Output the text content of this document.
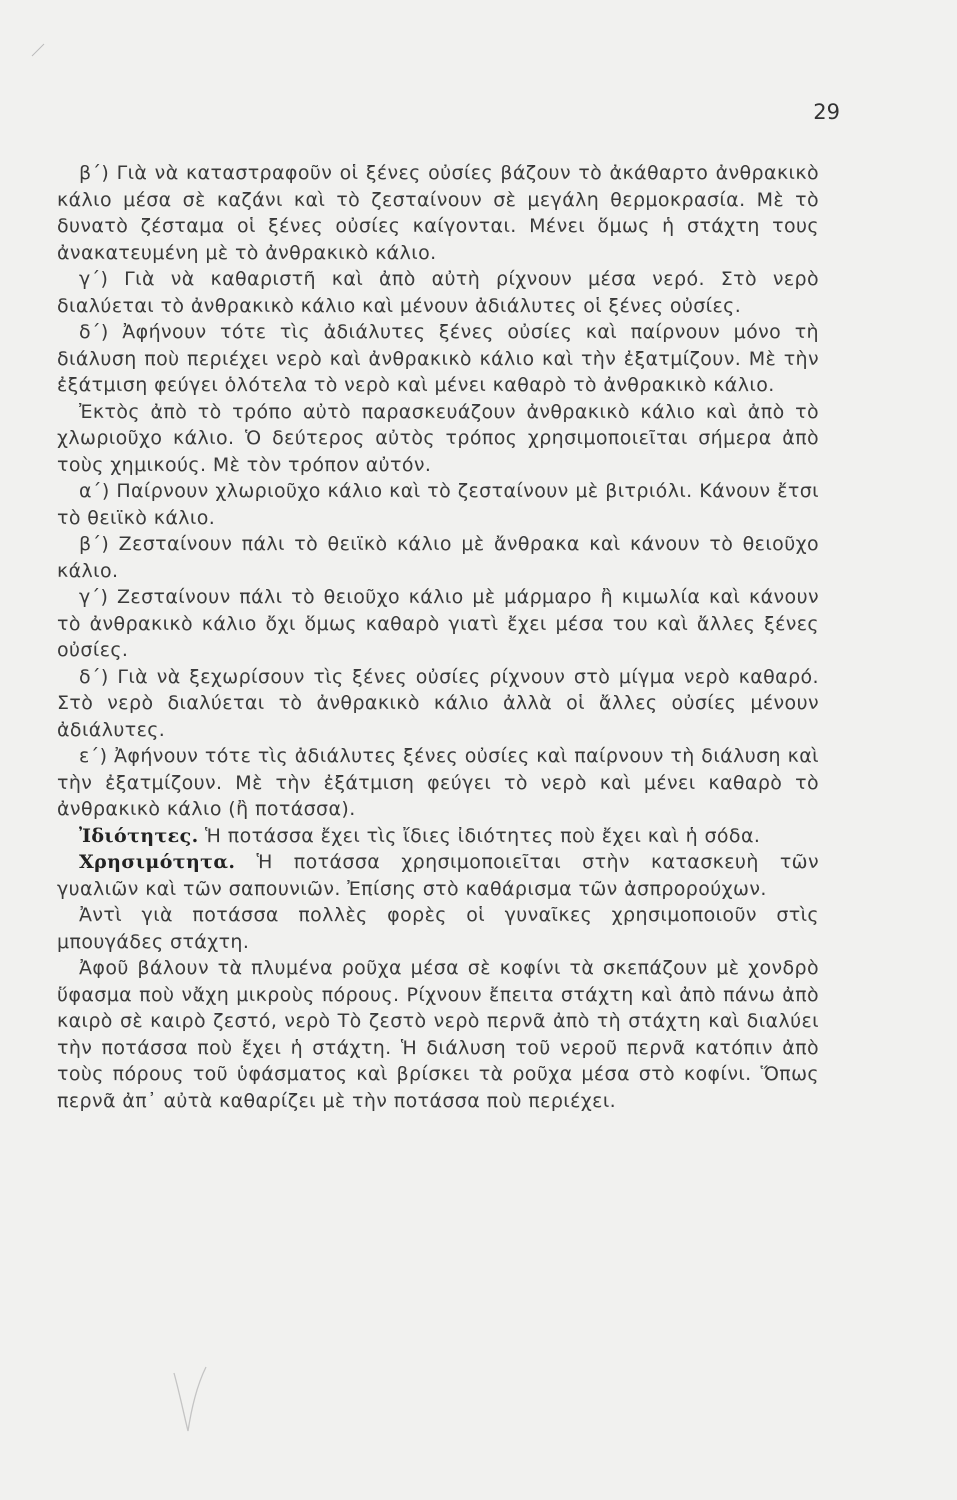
29

β΄) Γιὰ νὰ καταστραφοῦν οἱ ξένες οὐσίες βάζουν τὸ ἀκάθαρτο ἀνθρακικὸ κάλιο μέσα σὲ καζάνι καὶ τὸ ζεσταίνουν σὲ μεγάλη θερμοκρασία. Μὲ τὸ δυνατὸ ζέσταμα οἱ ξένες οὐσίες καίγονται. Μένει ὅμως ἡ στάχτη τους ἀνακατευμένη μὲ τὸ ἀνθρακικὸ κάλιο.

γ΄) Γιὰ νὰ καθαριστῆ καὶ ἀπὸ αὐτὴ ρίχνουν μέσα νερό. Στὸ νερὸ διαλύεται τὸ ἀνθρακικὸ κάλιο καὶ μένουν ἀδιάλυτες οἱ ξένες οὐσίες.

δ΄) Ἀφήνουν τότε τὶς ἀδιάλυτες ξένες οὐσίες καὶ παίρνουν μόνο τὴ διάλυση ποὺ περιέχει νερὸ καὶ ἀνθρακικὸ κάλιο καὶ τὴν ἐξατμίζουν. Μὲ τὴν ἐξάτμιση φεύγει ὁλότελα τὸ νερὸ καὶ μένει καθαρὸ τὸ ἀνθρακικὸ κάλιο.

Ἐκτὸς ἀπὸ τὸ τρόπο αὐτὸ παρασκευάζουν ἀνθρακικὸ κάλιο καὶ ἀπὸ τὸ χλωριοῦχο κάλιο. Ὁ δεύτερος αὐτὸς τρόπος χρησιμοποιεῖται σήμερα ἀπὸ τοὺς χημικούς. Μὲ τὸν τρόπον αὐτόν.

α΄) Παίρνουν χλωριοῦχο κάλιο καὶ τὸ ζεσταίνουν μὲ βιτριόλι. Κάνουν ἔτσι τὸ θειϊκὸ κάλιο.

β΄) Ζεσταίνουν πάλι τὸ θειϊκὸ κάλιο μὲ ἄνθρακα καὶ κάνουν τὸ θειοῦχο κάλιο.

γ΄) Ζεσταίνουν πάλι τὸ θειοῦχο κάλιο μὲ μάρμαρο ἢ κιμωλία καὶ κάνουν τὸ ἀνθρακικὸ κάλιο ὄχι ὅμως καθαρὸ γιατὶ ἔχει μέσα του καὶ ἄλλες ξένες οὐσίες.

δ΄) Γιὰ νὰ ξεχωρίσουν τὶς ξένες οὐσίες ρίχνουν στὸ μίγμα νερὸ καθαρό. Στὸ νερὸ διαλύεται τὸ ἀνθρακικὸ κάλιο ἀλλὰ οἱ ἄλλες οὐσίες μένουν ἀδιάλυτες.

ε΄) Ἀφήνουν τότε τὶς ἀδιάλυτες ξένες οὐσίες καὶ παίρνουν τὴ διάλυση καὶ τὴν ἐξατμίζουν. Μὲ τὴν ἐξάτμιση φεύγει τὸ νερὸ καὶ μένει καθαρὸ τὸ ἀνθρακικὸ κάλιο (ἢ ποτάσσα).

Ἰδιότητες. Ἡ ποτάσσα ἔχει τὶς ἴδιες ἰδιότητες ποὺ ἔχει καὶ ἡ σόδα.

Χρησιμότητα. Ἡ ποτάσσα χρησιμοποιεῖται στὴν κατασκευὴ τῶν γυαλιῶν καὶ τῶν σαπουνιῶν. Ἐπίσης στὸ καθάρισμα τῶν ἀσπρορούχων.

Ἀντὶ γιὰ ποτάσσα πολλὲς φορὲς οἱ γυναῖκες χρησιμοποιοῦν στὶς μπουγάδες στάχτη.

Ἀφοῦ βάλουν τὰ πλυμένα ροῦχα μέσα σὲ κοφίνι τὰ σκεπάζουν μὲ χονδρὸ ὕφασμα ποὺ νἄχη μικροὺς πόρους. Ρίχνουν ἔπειτα στάχτη καὶ ἀπὸ πάνω ἀπὸ καιρὸ σὲ καιρὸ ζεστό, νερὸ Τὸ ζεστὸ νερὸ περνᾶ ἀπὸ τὴ στάχτη καὶ διαλύει τὴν ποτάσσα ποὺ ἔχει ἡ στάχτη. Ἡ διάλυση τοῦ νεροῦ περνᾶ κατόπιν ἀπὸ τοὺς πόρους τοῦ ὑφάσματος καὶ βρίσκει τὰ ροῦχα μέσα στὸ κοφίνι. Ὅπως περνᾶ ἀπ᾽ αὐτὰ καθαρίζει μὲ τὴν ποτάσσα ποὺ περιέχει.
